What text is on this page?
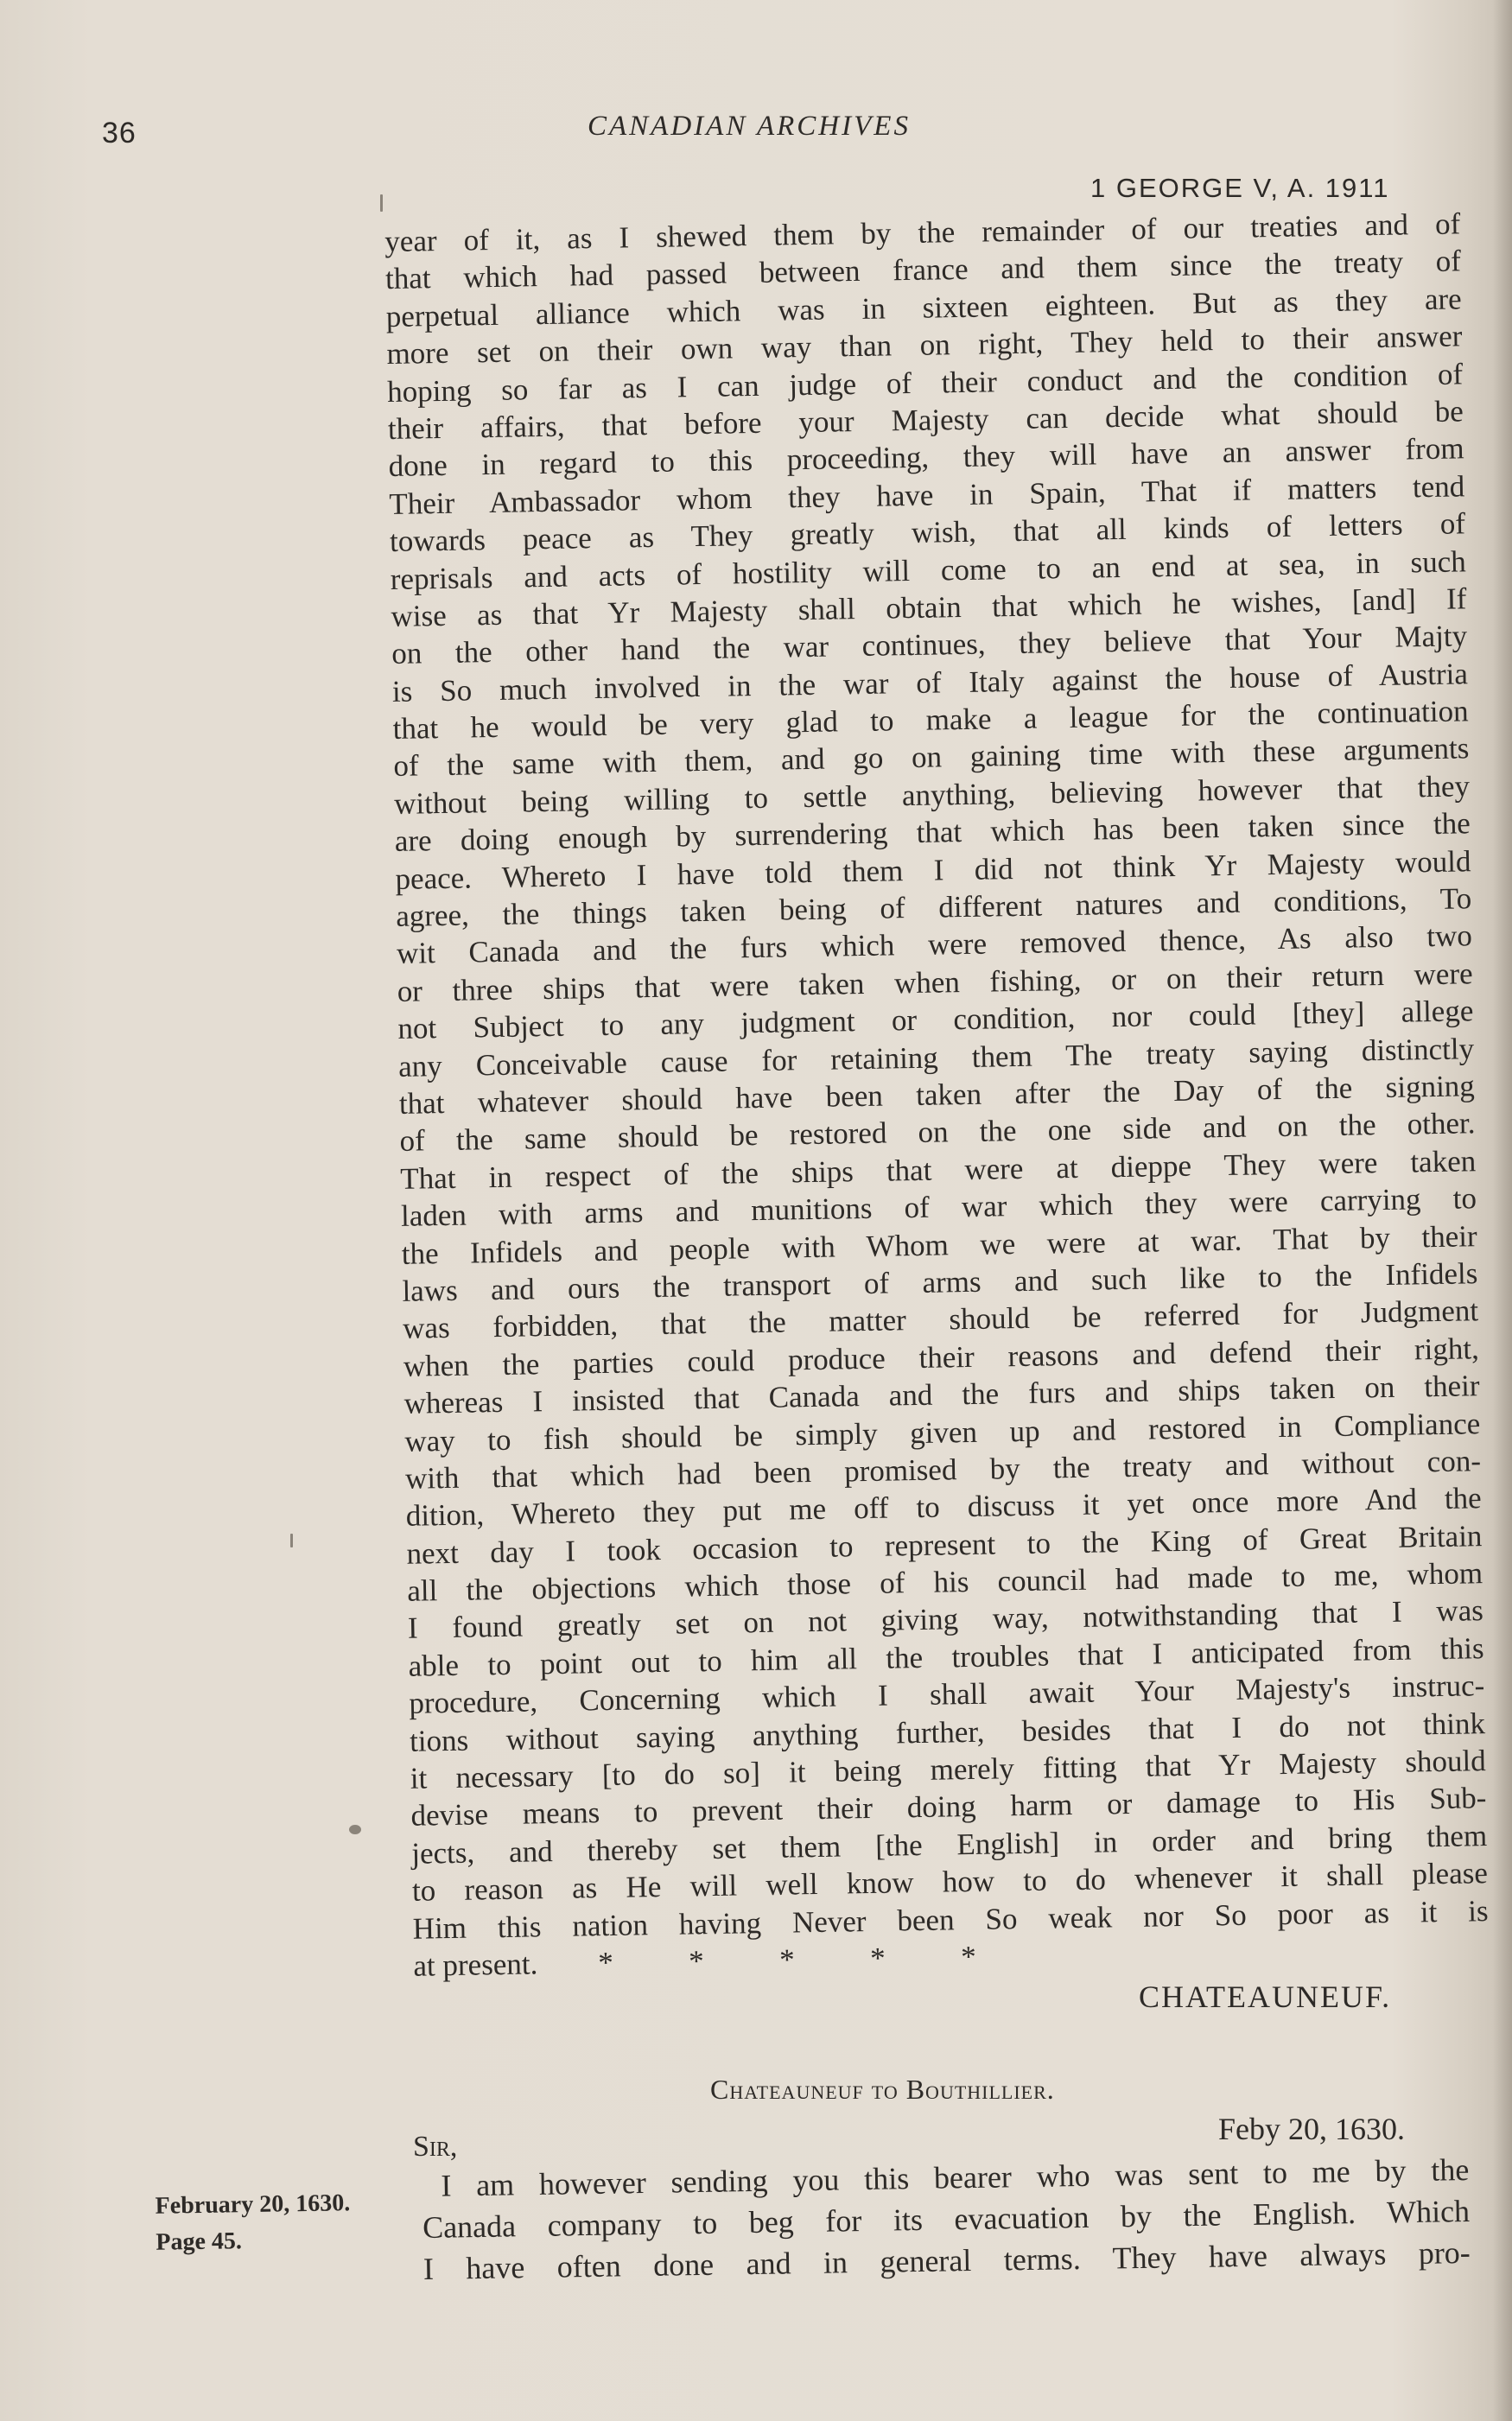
36	CANADIAN ARCHIVES
1 GEORGE V, A. 1911
year of it, as I shewed them by the remainder of our treaties and of
that which had passed between france and them since the treaty of
perpetual alliance which was in sixteen eighteen. But as they are
more set on their own way than on right, They held to their answer
hoping so far as I can judge of their conduct and the condition of
their affairs, that before your Majesty can decide what should be
done in regard to this proceeding, they will have an answer from
Their Ambassador whom they have in Spain, That if matters tend
towards peace as They greatly wish, that all kinds of letters of
reprisals and acts of hostility will come to an end at sea, in such
wise as that Yr Majesty shall obtain that which he wishes, [and] If
on the other hand the war continues, they believe that Your Majty
is So much involved in the war of Italy against the house of Austria
that he would be very glad to make a league for the continuation
of the same with them, and go on gaining time with these arguments
without being willing to settle anything, believing however that they
are doing enough by surrendering that which has been taken since the
peace. Whereto I have told them I did not think Yr Majesty would
agree, the things taken being of different natures and conditions, To
wit Canada and the furs which were removed thence, As also two
or three ships that were taken when fishing, or on their return were
not Subject to any judgment or condition, nor could [they] allege
any Conceivable cause for retaining them The treaty saying distinctly
that whatever should have been taken after the Day of the signing
of the same should be restored on the one side and on the other.
That in respect of the ships that were at dieppe They were taken
laden with arms and munitions of war which they were carrying to
the Infidels and people with Whom we were at war. That by their
laws and ours the transport of arms and such like to the Infidels
was forbidden, that the matter should be referred for Judgment
when the parties could produce their reasons and defend their right,
whereas I insisted that Canada and the furs and ships taken on their
way to fish should be simply given up and restored in Compliance
with that which had been promised by the treaty and without con-
dition, Whereto they put me off to discuss it yet once more And the
next day I took occasion to represent to the King of Great Britain
all the objections which those of his council had made to me, whom
I found greatly set on not giving way, notwithstanding that I was
able to point out to him all the troubles that I anticipated from this
procedure, Concerning which I shall await Your Majesty's instruc-
tions without saying anything further, besides that I do not think
it necessary [to do so] it being merely fitting that Yr Majesty should
devise means to prevent their doing harm or damage to His Sub-
jects, and thereby set them [the English] in order and bring them
to reason as He will well know how to do whenever it shall please
Him this nation having Never been So weak nor So poor as it is
at present.        *          *          *          *          *
CHATEAUNEUF.
Chateauneuf to Bouthillier.
Sir,
Feby 20, 1630.
February 20, 1630.
Page 45.
I am however sending you this bearer who was sent to me by the
Canada company to beg for its evacuation by the English. Which
I have often done and in general terms. They have always pro-
